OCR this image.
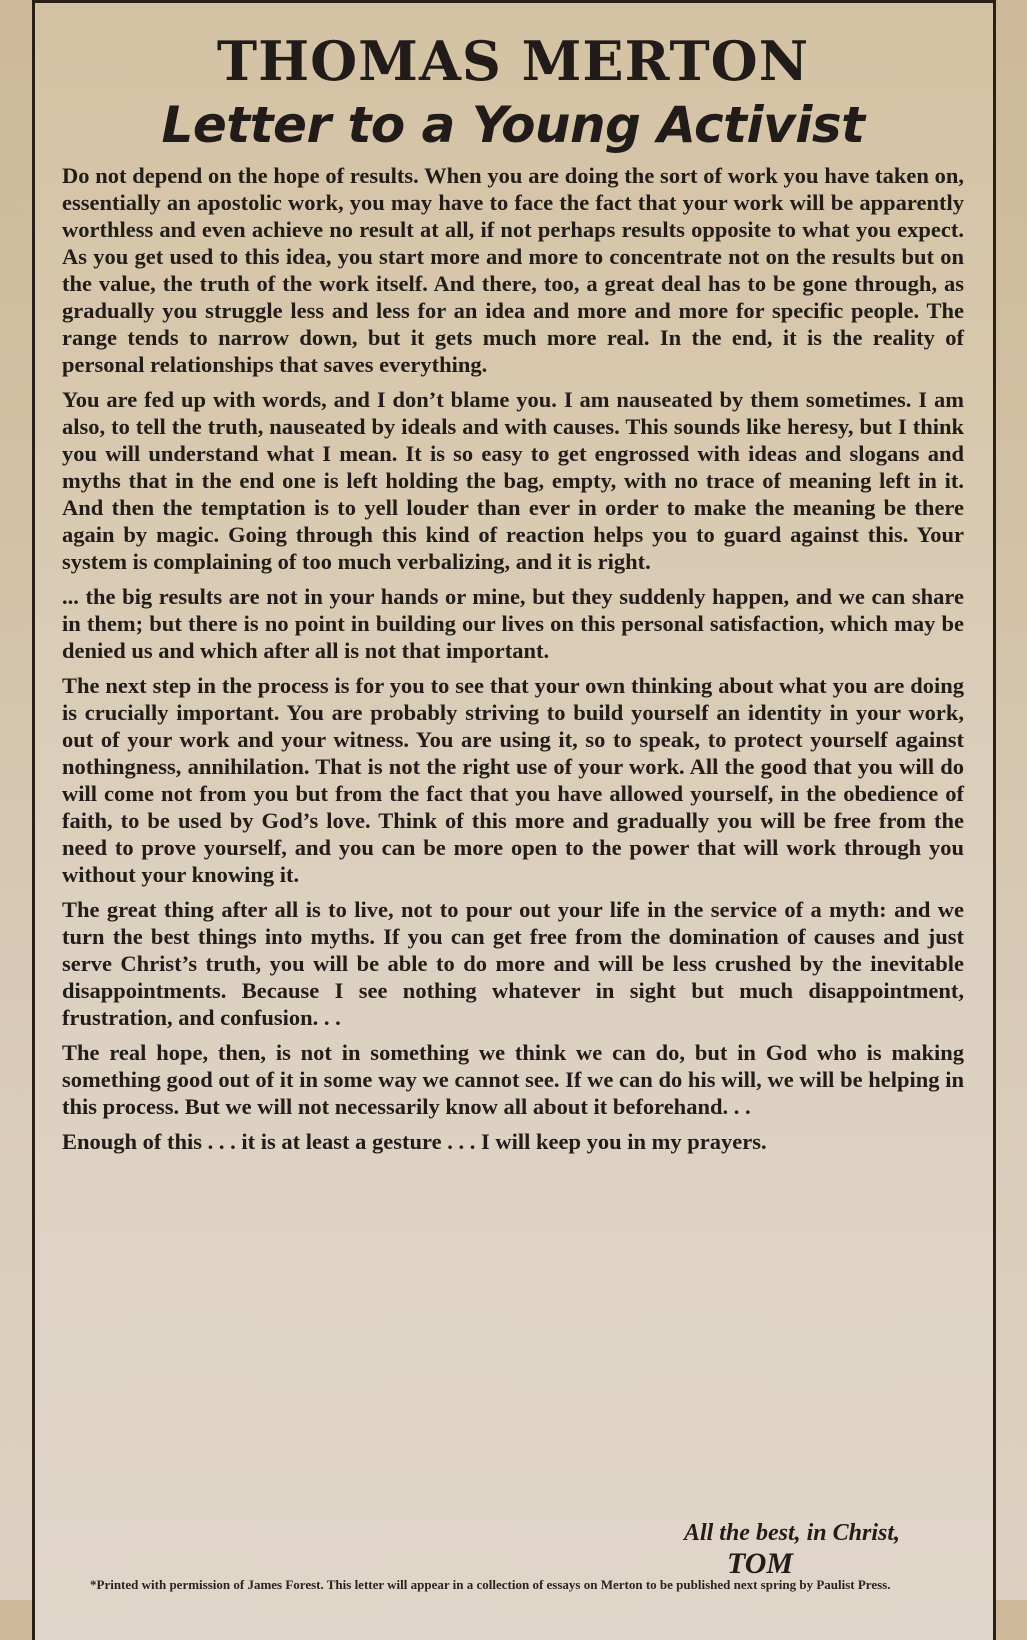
THOMAS MERTON
Letter to a Young Activist

Do not depend on the hope of results. When you are doing the sort of work you have taken on, essentially an apostolic work, you may have to face the fact that your work will be apparently worthless and even achieve no result at all, if not perhaps results opposite to what you expect. As you get used to this idea, you start more and more to concentrate not on the results but on the value, the truth of the work itself. And there, too, a great deal has to be gone through, as gradually you struggle less and less for an idea and more and more for specific people. The range tends to narrow down, but it gets much more real. In the end, it is the reality of personal relationships that saves everything.

You are fed up with words, and I don’t blame you. I am nauseated by them sometimes. I am also, to tell the truth, nauseated by ideals and with causes. This sounds like heresy, but I think you will understand what I mean. It is so easy to get engrossed with ideas and slogans and myths that in the end one is left holding the bag, empty, with no trace of meaning left in it. And then the temptation is to yell louder than ever in order to make the meaning be there again by magic. Going through this kind of reaction helps you to guard against this. Your system is complaining of too much verbalizing, and it is right.

... the big results are not in your hands or mine, but they suddenly happen, and we can share in them; but there is no point in building our lives on this personal satisfaction, which may be denied us and which after all is not that important.

The next step in the process is for you to see that your own thinking about what you are doing is crucially important. You are probably striving to build yourself an identity in your work, out of your work and your witness. You are using it, so to speak, to protect yourself against nothingness, annihilation. That is not the right use of your work. All the good that you will do will come not from you but from the fact that you have allowed yourself, in the obedience of faith, to be used by God’s love. Think of this more and gradually you will be free from the need to prove yourself, and you can be more open to the power that will work through you without your knowing it.

The great thing after all is to live, not to pour out your life in the service of a myth: and we turn the best things into myths. If you can get free from the domination of causes and just serve Christ’s truth, you will be able to do more and will be less crushed by the inevitable disappointments. Because I see nothing whatever in sight but much disappointment, frustration, and confusion. . .

The real hope, then, is not in something we think we can do, but in God who is making something good out of it in some way we cannot see. If we can do his will, we will be helping in this process. But we will not necessarily know all about it beforehand. . .

Enough of this . . . it is at least a gesture . . . I will keep you in my prayers.

All the best, in Christ,
TOM
*Printed with permission of James Forest. This letter will appear in a collection of essays on Merton to be published next spring by Paulist Press.
